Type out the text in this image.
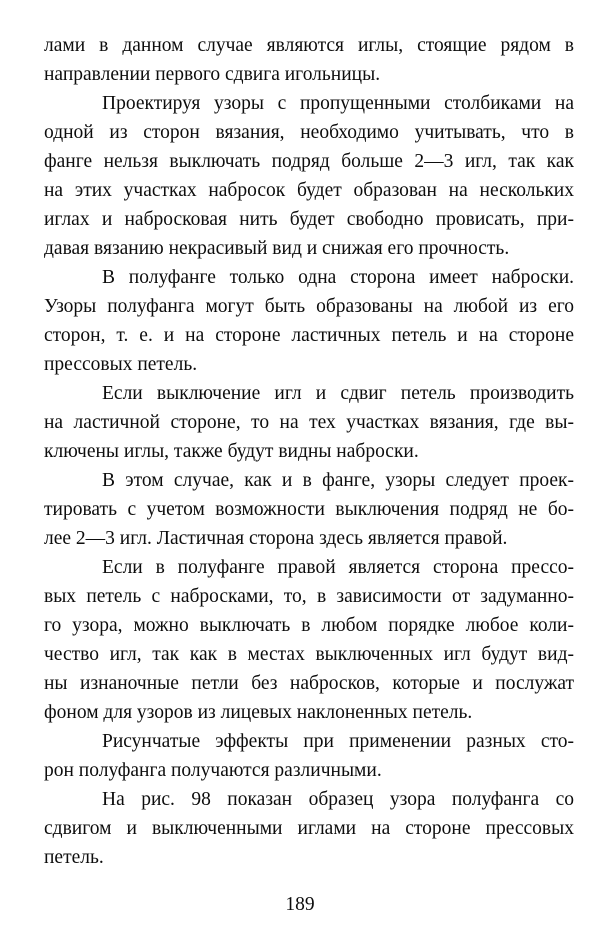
лами в данном случае являются иглы, стоящие рядом в
направлении первого сдвига игольницы.
Проектируя узоры с пропущенными столбиками на
одной из сторон вязания, необходимо учитывать, что в
фанге нельзя выключать подряд больше 2—3 игл, так как
на этих участках набросок будет образован на нескольких
иглах и набросковая нить будет свободно провисать, при-
давая вязанию некрасивый вид и снижая его прочность.
В полуфанге только одна сторона имеет наброски.
Узоры полуфанга могут быть образованы на любой из его
сторон, т. е. и на стороне ластичных петель и на стороне
прессовых петель.
Если выключение игл и сдвиг петель производить
на ластичной стороне, то на тех участках вязания, где вы-
ключены иглы, также будут видны наброски.
В этом случае, как и в фанге, узоры следует проек-
тировать с учетом возможности выключения подряд не бо-
лее 2—3 игл. Ластичная сторона здесь является правой.
Если в полуфанге правой является сторона прессо-
вых петель с набросками, то, в зависимости от задуманно-
го узора, можно выключать в любом порядке любое коли-
чество игл, так как в местах выключенных игл будут вид-
ны изнаночные петли без набросков, которые и послужат
фоном для узоров из лицевых наклоненных петель.
Рисунчатые эффекты при применении разных сто-
рон полуфанга получаются различными.
На рис. 98 показан образец узора полуфанга со
сдвигом и выключенными иглами на стороне прессовых
петель.
189
